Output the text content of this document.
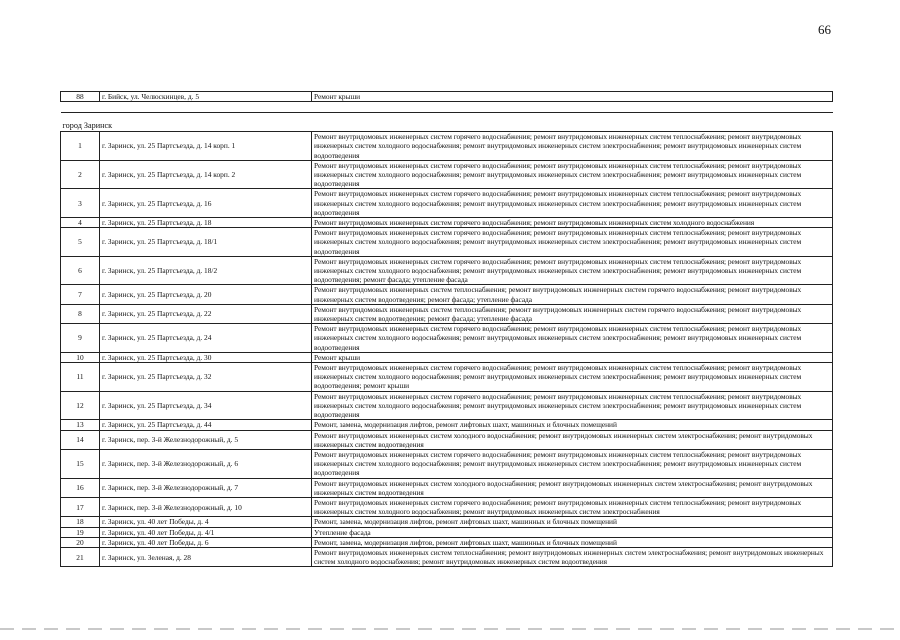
66
88	г. Бийск, ул. Челюскинцев, д. 5	Ремонт крыши

город Заринск		
1	г. Заринск, ул. 25 Партсъезда, д. 14 корп. 1	Ремонт внутридомовых инженерных систем горячего водоснабжения; ремонт внутридомовых инженерных систем теплоснабжения; ремонт внутридомовых инженерных систем холодного водоснабжения; ремонт внутридомовых инженерных систем электроснабжения; ремонт внутридомовых инженерных систем водоотведения
2	г. Заринск, ул. 25 Партсъезда, д. 14 корп. 2	Ремонт внутридомовых инженерных систем горячего водоснабжения; ремонт внутридомовых инженерных систем теплоснабжения; ремонт внутридомовых инженерных систем холодного водоснабжения; ремонт внутридомовых инженерных систем электроснабжения; ремонт внутридомовых инженерных систем водоотведения
3	г. Заринск, ул. 25 Партсъезда, д. 16	Ремонт внутридомовых инженерных систем горячего водоснабжения; ремонт внутридомовых инженерных систем теплоснабжения; ремонт внутридомовых инженерных систем холодного водоснабжения; ремонт внутридомовых инженерных систем электроснабжения; ремонт внутридомовых инженерных систем водоотведения
4	г. Заринск, ул. 25 Партсъезда, д. 18	Ремонт внутридомовых инженерных систем горячего водоснабжения; ремонт внутридомовых инженерных систем холодного водоснабжения
5	г. Заринск, ул. 25 Партсъезда, д. 18/1	Ремонт внутридомовых инженерных систем горячего водоснабжения; ремонт внутридомовых инженерных систем теплоснабжения; ремонт внутридомовых инженерных систем холодного водоснабжения; ремонт внутридомовых инженерных систем электроснабжения; ремонт внутридомовых инженерных систем водоотведения
6	г. Заринск, ул. 25 Партсъезда, д. 18/2	Ремонт внутридомовых инженерных систем горячего водоснабжения; ремонт внутридомовых инженерных систем теплоснабжения; ремонт внутридомовых инженерных систем холодного водоснабжения; ремонт внутридомовых инженерных систем электроснабжения; ремонт внутридомовых инженерных систем водоотведения; ремонт фасада; утепление фасада
7	г. Заринск, ул. 25 Партсъезда, д. 20	Ремонт внутридомовых инженерных систем теплоснабжения; ремонт внутридомовых инженерных систем горячего водоснабжения; ремонт внутридомовых инженерных систем водоотведения; ремонт фасада; утепление фасада
8	г. Заринск, ул. 25 Партсъезда, д. 22	Ремонт внутридомовых инженерных систем теплоснабжения; ремонт внутридомовых инженерных систем горячего водоснабжения; ремонт внутридомовых инженерных систем водоотведения; ремонт фасада; утепление фасада
9	г. Заринск, ул. 25 Партсъезда, д. 24	Ремонт внутридомовых инженерных систем горячего водоснабжения; ремонт внутридомовых инженерных систем теплоснабжения; ремонт внутридомовых инженерных систем холодного водоснабжения; ремонт внутридомовых инженерных систем электроснабжения; ремонт внутридомовых инженерных систем водоотведения
10	г. Заринск, ул. 25 Партсъезда, д. 30	Ремонт крыши
11	г. Заринск, ул. 25 Партсъезда, д. 32	Ремонт внутридомовых инженерных систем горячего водоснабжения; ремонт внутридомовых инженерных систем теплоснабжения; ремонт внутридомовых инженерных систем холодного водоснабжения; ремонт внутридомовых инженерных систем электроснабжения; ремонт внутридомовых инженерных систем водоотведения; ремонт крыши
12	г. Заринск, ул. 25 Партсъезда, д. 34	Ремонт внутридомовых инженерных систем горячего водоснабжения; ремонт внутридомовых инженерных систем теплоснабжения; ремонт внутридомовых инженерных систем холодного водоснабжения; ремонт внутридомовых инженерных систем электроснабжения; ремонт внутридомовых инженерных систем водоотведения
13	г. Заринск, ул. 25 Партсъезда, д. 44	Ремонт, замена, модернизация лифтов, ремонт лифтовых шахт, машинных и блочных помещений
14	г. Заринск, пер. 3-й Железнодорожный, д. 5	Ремонт внутридомовых инженерных систем холодного водоснабжения; ремонт внутридомовых инженерных систем электроснабжения; ремонт внутридомовых инженерных систем водоотведения
15	г. Заринск, пер. 3-й Железнодорожный, д. 6	Ремонт внутридомовых инженерных систем горячего водоснабжения; ремонт внутридомовых инженерных систем теплоснабжения; ремонт внутридомовых инженерных систем холодного водоснабжения; ремонт внутридомовых инженерных систем электроснабжения; ремонт внутридомовых инженерных систем водоотведения
16	г. Заринск, пер. 3-й Железнодорожный, д. 7	Ремонт внутридомовых инженерных систем холодного водоснабжения; ремонт внутридомовых инженерных систем электроснабжения; ремонт внутридомовых инженерных систем водоотведения
17	г. Заринск, пер. 3-й Железнодорожный, д. 10	Ремонт внутридомовых инженерных систем горячего водоснабжения; ремонт внутридомовых инженерных систем теплоснабжения; ремонт внутридомовых инженерных систем холодного водоснабжения; ремонт внутридомовых инженерных систем электроснабжения
18	г. Заринск, ул. 40 лет Победы, д. 4	Ремонт, замена, модернизация лифтов, ремонт лифтовых шахт, машинных и блочных помещений
19	г. Заринск, ул. 40 лет Победы, д. 4/1	Утепление фасада
20	г. Заринск, ул. 40 лет Победы, д. 6	Ремонт, замена, модернизация лифтов, ремонт лифтовых шахт, машинных и блочных помещений
21	г. Заринск, ул. Зеленая, д. 28	Ремонт внутридомовых инженерных систем теплоснабжения; ремонт внутридомовых инженерных систем электроснабжения; ремонт внутридомовых инженерных систем холодного водоснабжения; ремонт внутридомовых инженерных систем водоотведения
